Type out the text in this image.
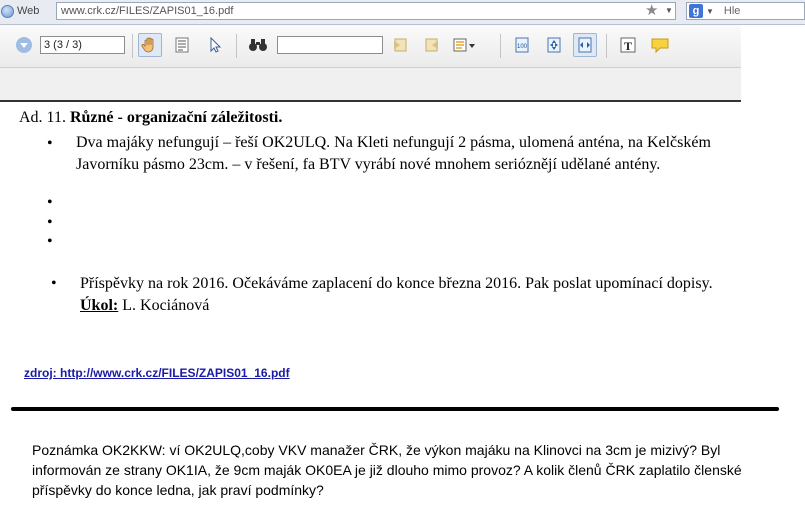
Web	www.crk.cz/FILES/ZAPIS01_16.pdf	★ ▼	g ▼ Hle
3 (3 / 3)	100	T
Ad. 11. Různé - organizační záležitosti.
• Dva majáky nefungují – řeší OK2ULQ. Na Kleti nefungují 2 pásma, ulomená anténa, na Kelčském Javorníku pásmo 23cm. – v řešení, fa BTV vyrábí nové mnohem serióznějí udělané antény.
•
•
•
• Příspěvky na rok 2016. Očekáváme zaplacení do konce března 2016. Pak poslat upomínací dopisy. Úkol: L. Kociánová
zdroj: http://www.crk.cz/FILES/ZAPIS01_16.pdf
Poznámka OK2KKW: ví OK2ULQ,coby VKV manažer ČRK, že výkon majáku na Klinovci na 3cm je mizivý? Byl informován ze strany OK1IA, že 9cm maják OK0EA je již dlouho mimo provoz? A kolik členů ČRK zaplatilo členské příspěvky do konce ledna, jak praví podmínky?
